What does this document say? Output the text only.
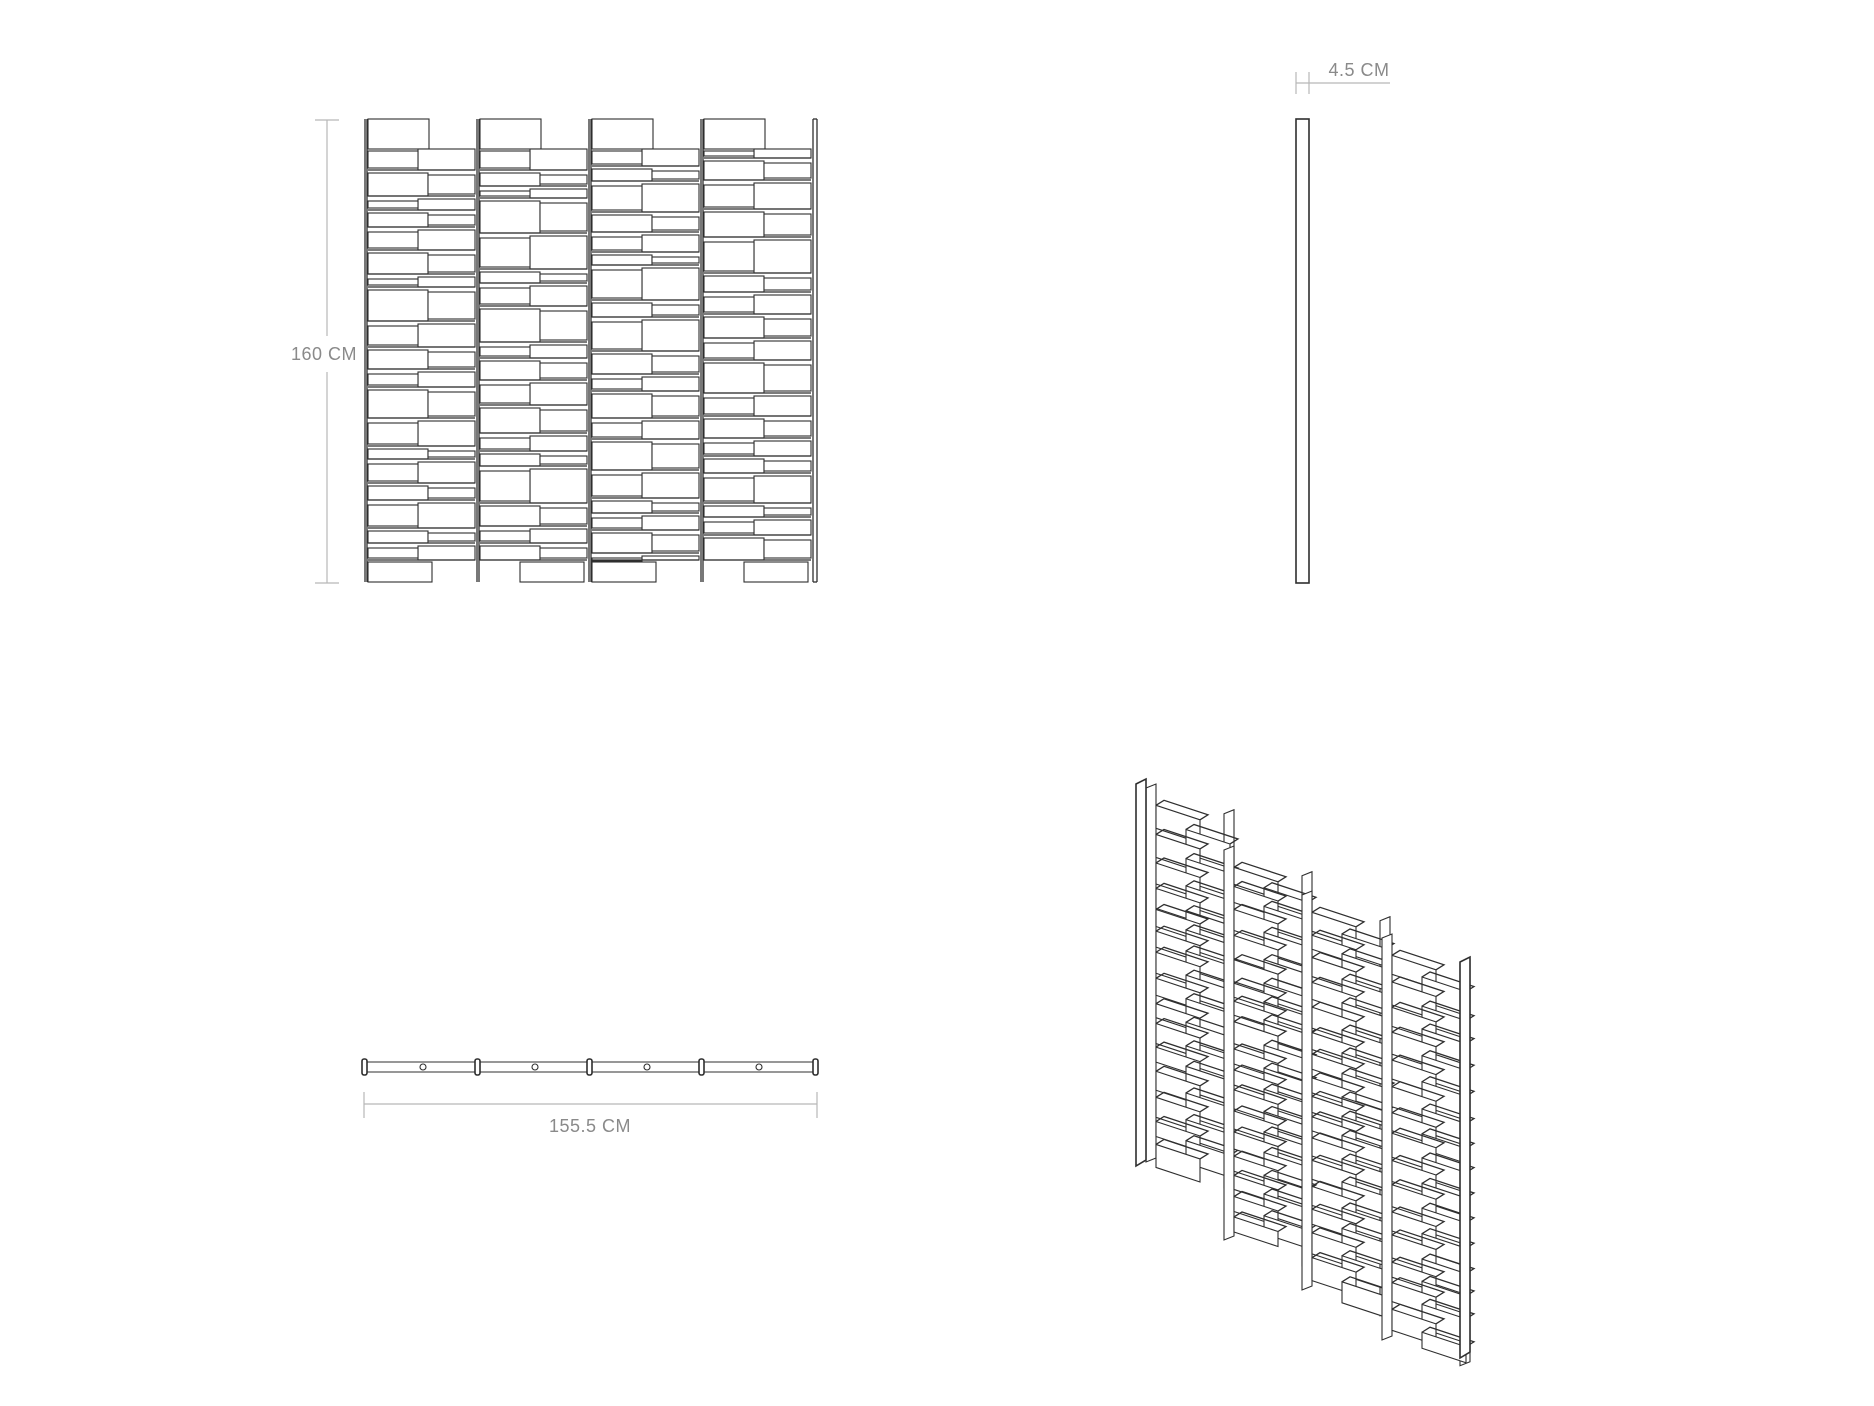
160 CM
4.5 CM
155.5 CM
